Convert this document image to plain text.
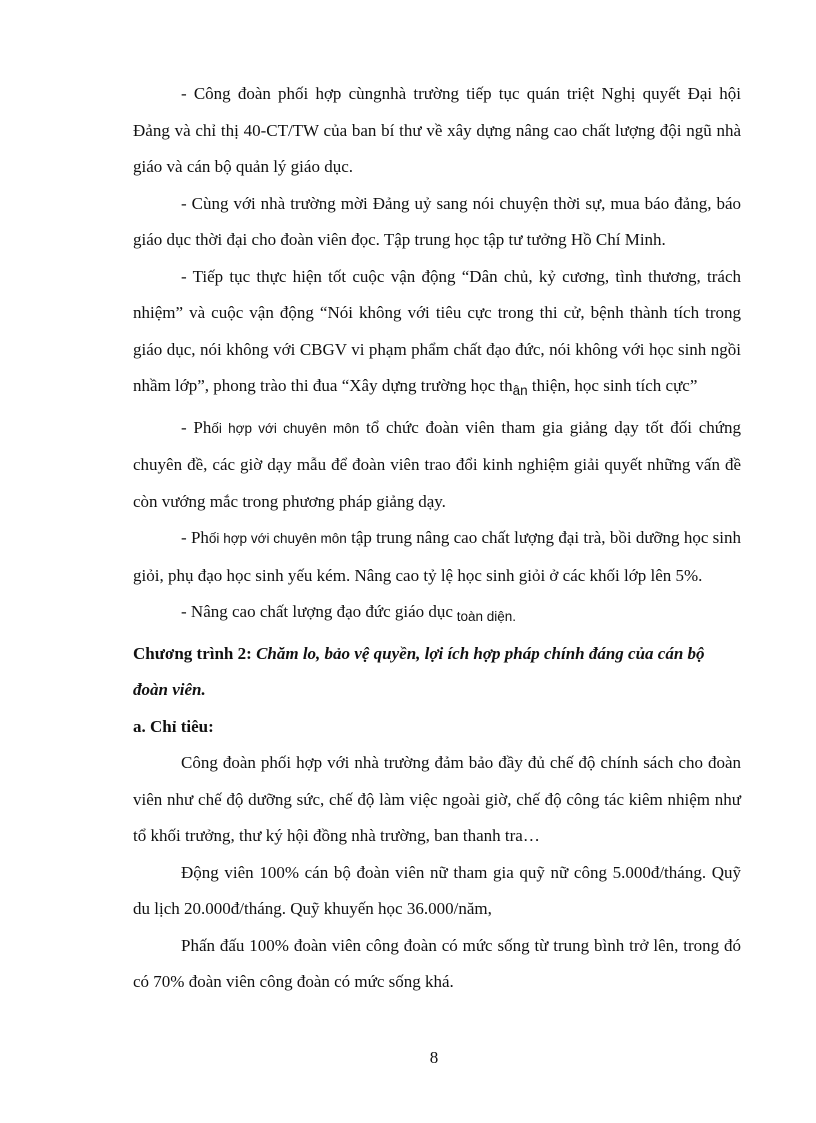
- Công đoàn phối hợp cùngnhà trường tiếp tục quán triệt Nghị quyết Đại hội Đảng và chỉ thị 40-CT/TW của ban bí thư về xây dựng nâng cao chất lượng đội ngũ nhà giáo và cán bộ quản lý giáo dục.

- Cùng với nhà trường mời Đảng uỷ sang nói chuyện thời sự, mua báo đảng, báo giáo dục thời đại cho đoàn viên đọc. Tập trung học tập tư tưởng Hồ Chí Minh.

- Tiếp tục thực hiện tốt cuộc vận động “Dân chủ, kỷ cương, tình thương, trách nhiệm” và cuộc vận động “Nói không với tiêu cực trong thi cử, bệnh thành tích trong giáo dục, nói không với CBGV vi phạm phẩm chất đạo đức, nói không với học sinh ngồi nhầm lớp”, phong trào thi đua “Xây dựng trường học $th_{ân}$ thiện, học sinh tích cực”

- Phối hợp với chuyên môn tổ chức đoàn viên tham gia giảng dạy tốt đối chứng chuyên đề, các giờ dạy mẫu để đoàn viên trao đổi kinh nghiệm giải quyết những vấn đề còn vướng mắc trong phương pháp giảng dạy.

- Phối hợp với chuyên môn tập trung nâng cao chất lượng đại trà, bồi dưỡng học sinh giỏi, phụ đạo học sinh yếu kém. Nâng cao tỷ lệ học sinh giỏi ở các khối lớp lên 5%.

- Nâng cao chất lượng đạo đức giáo dục $_{toàn diện.}$

Chương trình 2: Chăm lo, bảo vệ quyền, lợi ích hợp pháp chính đáng của cán bộ đoàn viên.

a. Chỉ tiêu:

Công đoàn phối hợp với nhà trường đảm bảo đầy đủ chế độ chính sách cho đoàn viên như chế độ dưỡng sức, chế độ làm việc ngoài giờ, chế độ công tác kiêm nhiệm như tổ khối trưởng, thư ký hội đồng nhà trường, ban thanh tra…

Động viên 100% cán bộ đoàn viên nữ tham gia quỹ nữ công 5.000đ/tháng. Quỹ du lịch 20.000đ/tháng. Quỹ khuyến học 36.000/năm,

Phấn đấu 100% đoàn viên công đoàn có mức sống từ trung bình trở lên, trong đó có 70% đoàn viên công đoàn có mức sống khá.

8
